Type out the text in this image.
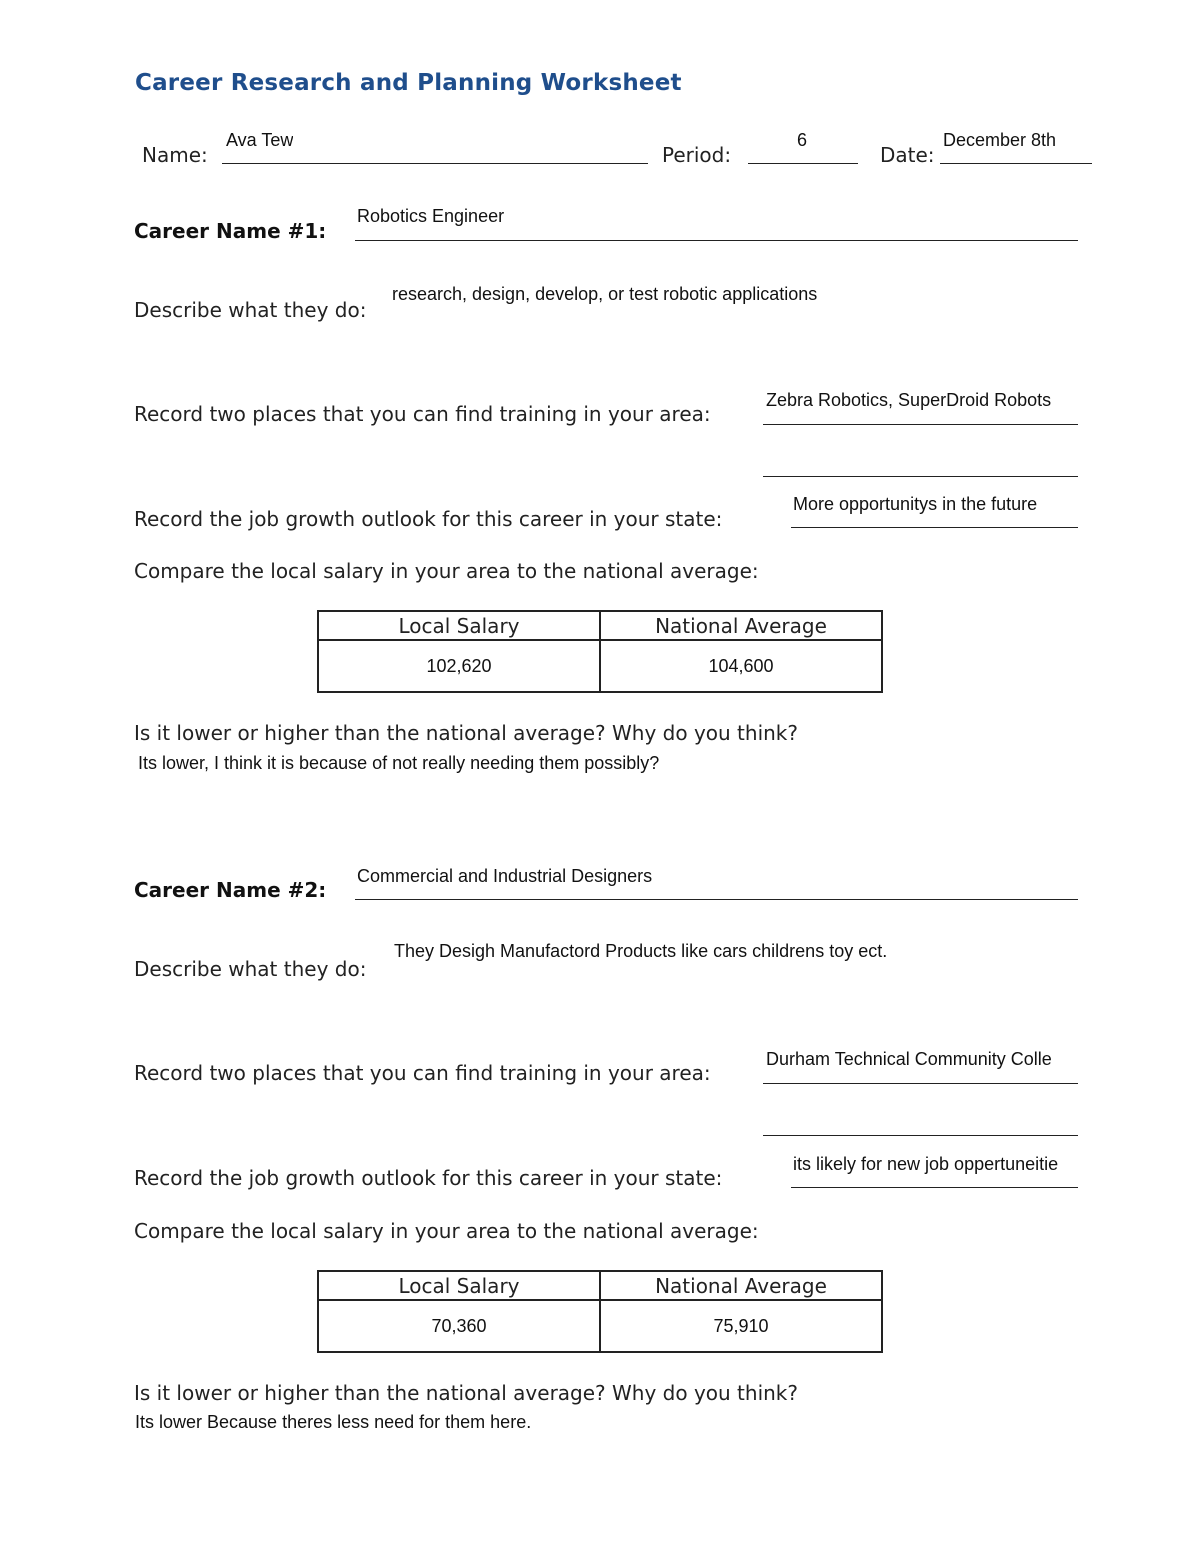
Career Research and Planning Worksheet
Name:
Ava Tew
Period:
6
Date:
December 8th
Career Name #1:
Robotics Engineer
Describe what they do:
research, design, develop, or test robotic applications
Record two places that you can find training in your area:
Zebra Robotics, SuperDroid Robots
Record the job growth outlook for this career in your state:
More opportunitys in the future
Compare the local salary in your area to the national average:
Local Salary	National Average
102,620	104,600
Is it lower or higher than the national average? Why do you think?
Its lower, I think it is because of not really needing them possibly?
Career Name #2:
Commercial and Industrial Designers
Describe what they do:
They Desigh Manufactord Products like cars childrens toy ect.
Record two places that you can find training in your area:
Durham Technical Community Colle
Record the job growth outlook for this career in your state:
its likely for new job oppertuneitie
Compare the local salary in your area to the national average:
Local Salary	National Average
70,360	75,910
Is it lower or higher than the national average? Why do you think?
Its lower Because theres less need for them here.
